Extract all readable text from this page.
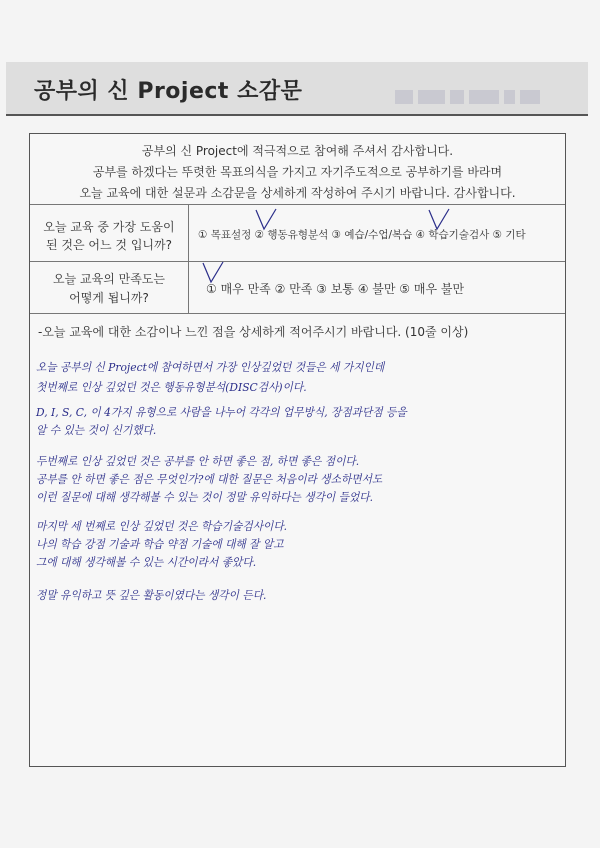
공부의 신 Project 소감문
공부의 신 Project에 적극적으로 참여해 주셔서 감사합니다.
공부를 하겠다는 뚜렷한 목표의식을 가지고 자기주도적으로 공부하기를 바라며
오늘 교육에 대한 설문과 소감문을 상세하게 작성하여 주시기 바랍니다. 감사합니다.
오늘 교육 중 가장 도움이
된 것은 어느 것 입니까?
① 목표설정 ② 행동유형분석 ③ 예습/수업/복습 ④ 학습기술검사 ⑤ 기타
오늘 교육의 만족도는
어떻게 됩니까?
① 매우 만족 ② 만족 ③ 보통 ④ 불만 ⑤ 매우 불만
-오늘 교육에 대한 소감이나 느낀 점을 상세하게 적어주시기 바랍니다. (10줄 이상)
오늘 공부의 신 Project에 참여하면서 가장 인상깊었던 것들은 세 가지인데
첫번째로 인상 깊었던 것은 행동유형분석(DISC검사)이다.
D, I, S, C, 이 4가지 유형으로 사람을 나누어 각각의 업무방식, 장점과단점 등을
알 수 있는 것이 신기했다.
두번째로 인상 깊었던 것은 공부를 안 하면 좋은 점, 하면 좋은 점이다.
공부를 안 하면 좋은 점은 무엇인가?에 대한 질문은 처음이라 생소하면서도
이런 질문에 대해 생각해볼 수 있는 것이 정말 유익하다는 생각이 들었다.
마지막 세 번째로 인상 깊었던 것은 학습기술검사이다.
나의 학습 강점 기술과 학습 약점 기술에 대해 잘 알고
그에 대해 생각해볼 수 있는 시간이라서 좋았다.
정말 유익하고 뜻 깊은 활동이였다는 생각이 든다.
